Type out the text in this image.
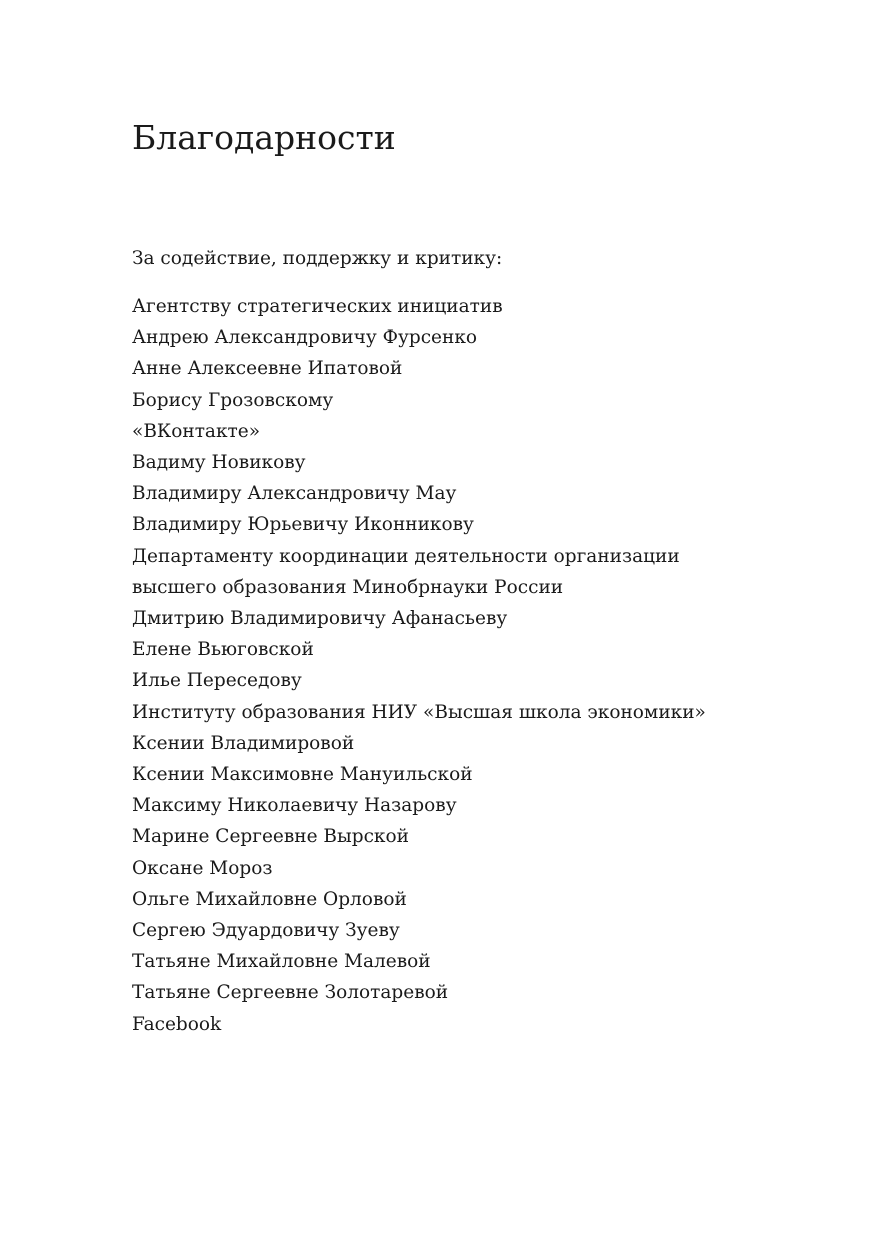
Благодарности

За содействие, поддержку и критику:

Агентству стратегических инициатив
Андрею Александровичу Фурсенко
Анне Алексеевне Ипатовой
Борису Грозовскому
«ВКонтакте»
Вадиму Новикову
Владимиру Александровичу Мау
Владимиру Юрьевичу Иконникову
Департаменту координации деятельности организации
высшего образования Минобрнауки России
Дмитрию Владимировичу Афанасьеву
Елене Вьюговской
Илье Переседову
Институту образования НИУ «Высшая школа экономики»
Ксении Владимировой
Ксении Максимовне Мануильской
Максиму Николаевичу Назарову
Марине Сергеевне Вырской
Оксане Мороз
Ольге Михайловне Орловой
Сергею Эдуардовичу Зуеву
Татьяне Михайловне Малевой
Татьяне Сергеевне Золотаревой
Facebook
